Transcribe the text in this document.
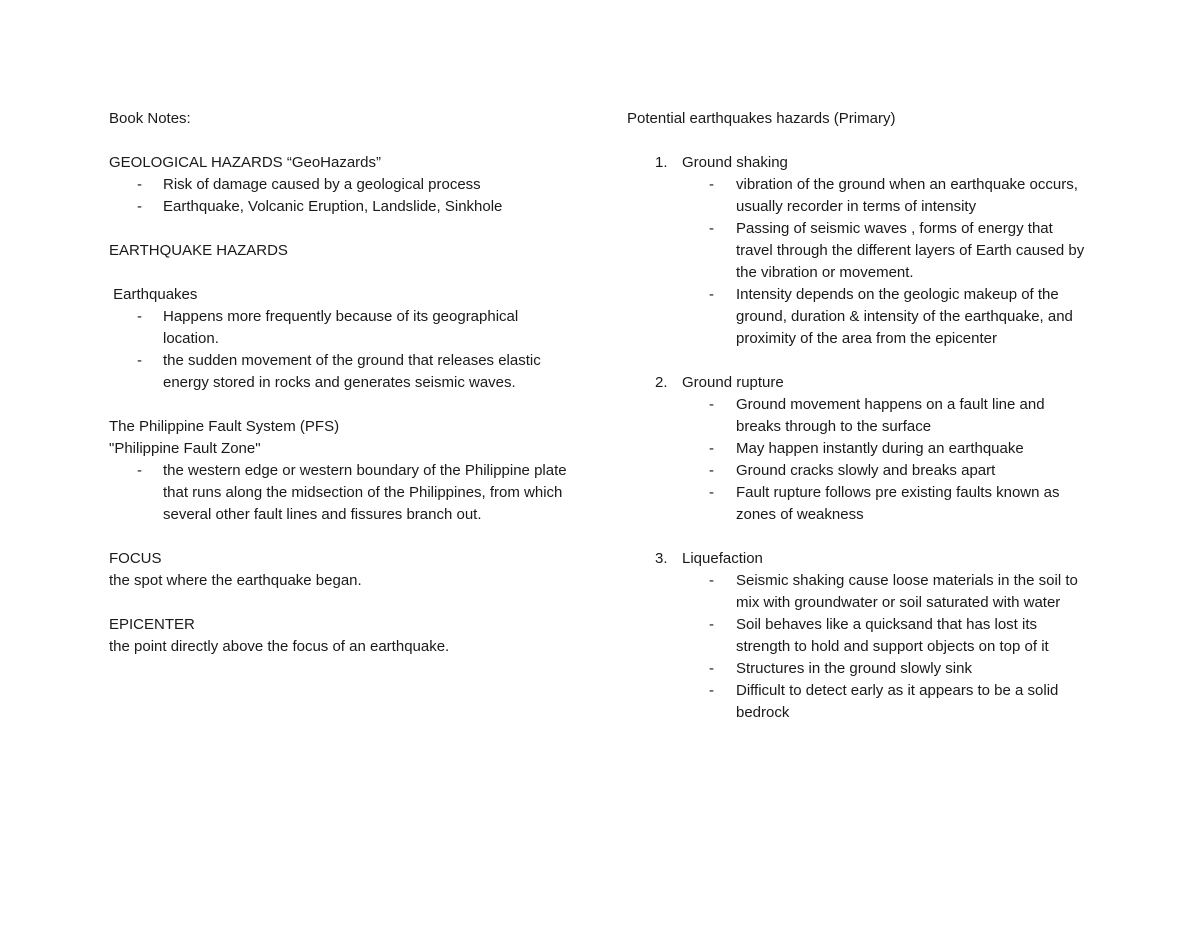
Book Notes:
GEOLOGICAL HAZARDS “GeoHazards”
- Risk of damage caused by a geological process
- Earthquake, Volcanic Eruption, Landslide, Sinkhole
EARTHQUAKE HAZARDS
Earthquakes
- Happens more frequently because of its geographical location.
- the sudden movement of the ground that releases elastic energy stored in rocks and generates seismic waves.
The Philippine Fault System (PFS)
"Philippine Fault Zone"
- the western edge or western boundary of the Philippine plate that runs along the midsection of the Philippines, from which several other fault lines and fissures branch out.
FOCUS
the spot where the earthquake began.
EPICENTER
the point directly above the focus of an earthquake.
Potential earthquakes hazards (Primary)
1. Ground shaking
- vibration of the ground when an earthquake occurs, usually recorder in terms of intensity
- Passing of seismic waves , forms of energy that travel through the different layers of Earth caused by the vibration or movement.
- Intensity depends on the geologic makeup of the ground, duration & intensity of the earthquake, and proximity of the area from the epicenter
2. Ground rupture
- Ground movement happens on a fault line and breaks through to the surface
- May happen instantly during an earthquake
- Ground cracks slowly and breaks apart
- Fault rupture follows pre existing faults known as zones of weakness
3. Liquefaction
- Seismic shaking cause loose materials in the soil to mix with groundwater or soil saturated with water
- Soil behaves like a quicksand that has lost its strength to hold and support objects on top of it
- Structures in the ground slowly sink
- Difficult to detect early as it appears to be a solid bedrock
